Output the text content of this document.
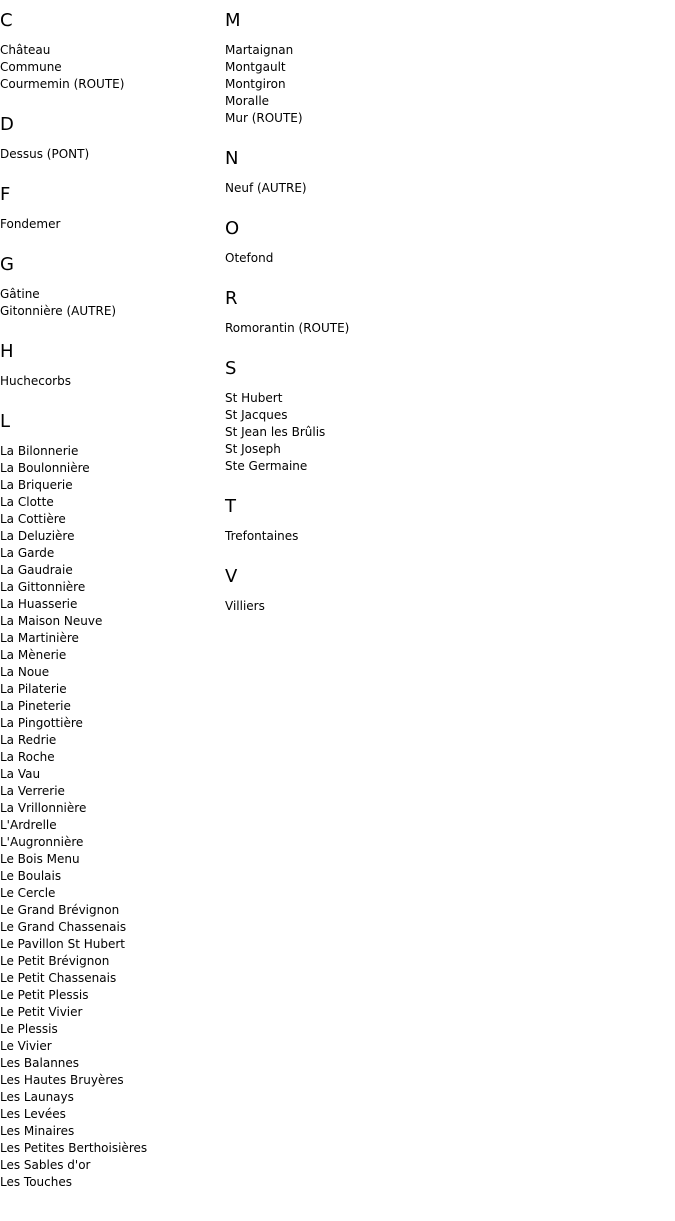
C
Château
Commune
Courmemin (ROUTE)
D
Dessus (PONT)
F
Fondemer
G
Gâtine
Gitonnière (AUTRE)
H
Huchecorbs
L
La Bilonnerie
La Boulonnière
La Briquerie
La Clotte
La Cottière
La Deluzière
La Garde
La Gaudraie
La Gittonnière
La Huasserie
La Maison Neuve
La Martinière
La Mènerie
La Noue
La Pilaterie
La Pineterie
La Pingottière
La Redrie
La Roche
La Vau
La Verrerie
La Vrillonnière
L'Ardrelle
L'Augronnière
Le Bois Menu
Le Boulais
Le Cercle
Le Grand Brévignon
Le Grand Chassenais
Le Pavillon St Hubert
Le Petit Brévignon
Le Petit Chassenais
Le Petit Plessis
Le Petit Vivier
Le Plessis
Le Vivier
Les Balannes
Les Hautes Bruyères
Les Launays
Les Levées
Les Minaires
Les Petites Berthoisières
Les Sables d'or
Les Touches
M
Martaignan
Montgault
Montgiron
Moralle
Mur (ROUTE)
N
Neuf (AUTRE)
O
Otefond
R
Romorantin (ROUTE)
S
St Hubert
St Jacques
St Jean les Brûlis
St Joseph
Ste Germaine
T
Trefontaines
V
Villiers
